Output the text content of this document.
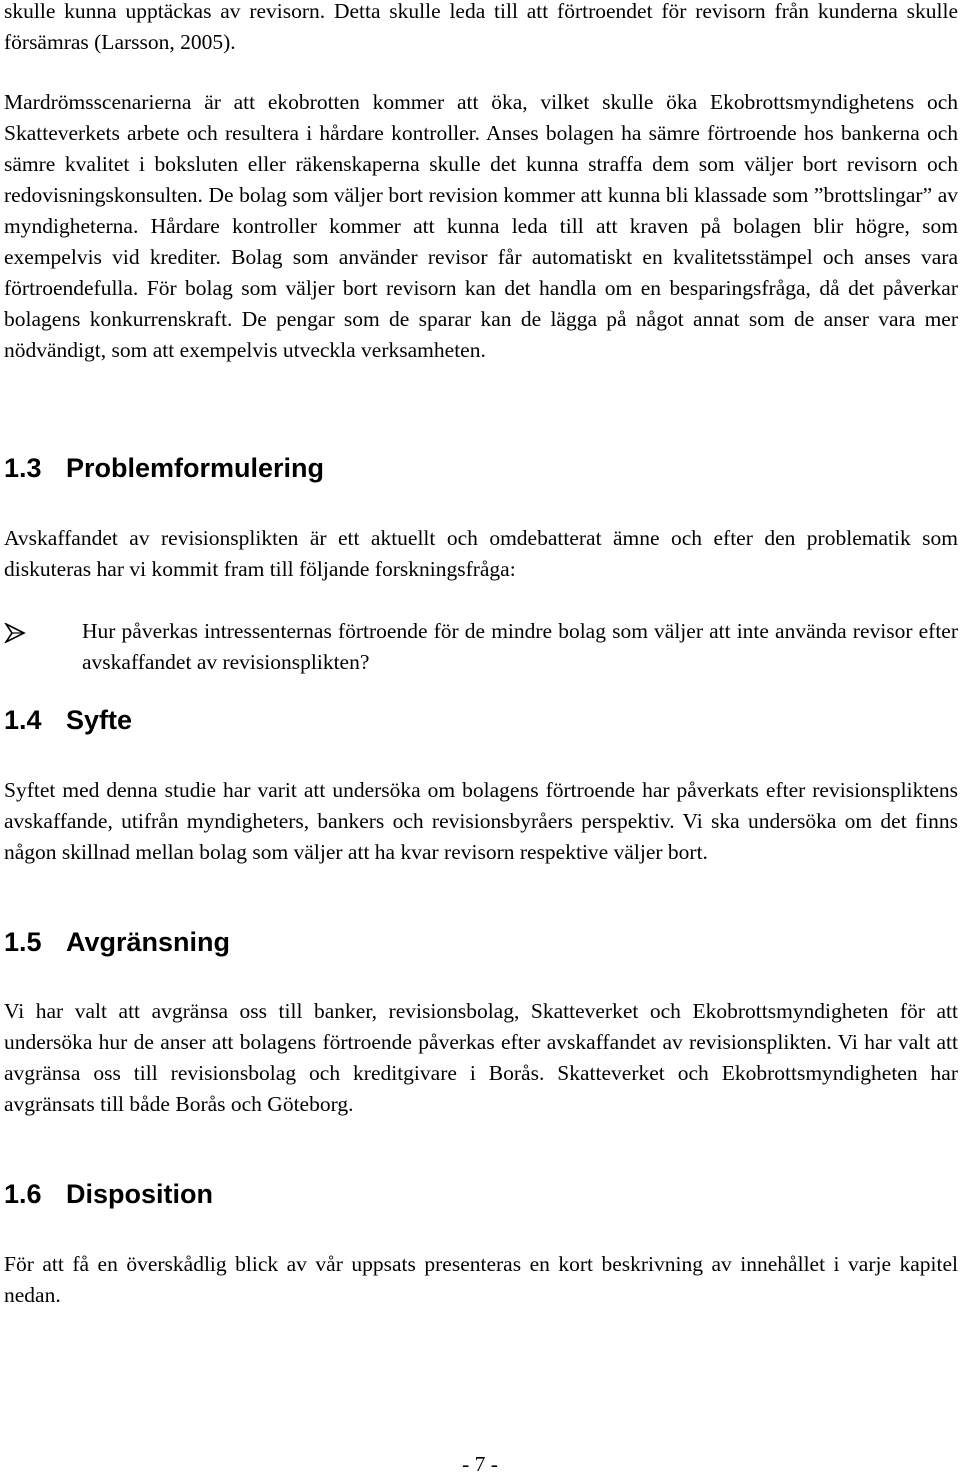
skulle kunna upptäckas av revisorn. Detta skulle leda till att förtroendet för revisorn från kunderna skulle försämras (Larsson, 2005).

Mardrömsscenarierna är att ekobrotten kommer att öka, vilket skulle öka Ekobrottsmyndighetens och Skatteverkets arbete och resultera i hårdare kontroller. Anses bolagen ha sämre förtroende hos bankerna och sämre kvalitet i boksluten eller räkenskaperna skulle det kunna straffa dem som väljer bort revisorn och redovisningskonsulten. De bolag som väljer bort revision kommer att kunna bli klassade som ”brottslingar” av myndigheterna. Hårdare kontroller kommer att kunna leda till att kraven på bolagen blir högre, som exempelvis vid krediter. Bolag som använder revisor får automatiskt en kvalitetsstämpel och anses vara förtroendefulla. För bolag som väljer bort revisorn kan det handla om en besparingsfråga, då det påverkar bolagens konkurrenskraft. De pengar som de sparar kan de lägga på något annat som de anser vara mer nödvändigt, som att exempelvis utveckla verksamheten.

1.3 Problemformulering

Avskaffandet av revisionsplikten är ett aktuellt och omdebatterat ämne och efter den problematik som diskuteras har vi kommit fram till följande forskningsfråga:

Hur påverkas intressenternas förtroende för de mindre bolag som väljer att inte använda revisor efter avskaffandet av revisionsplikten?

1.4 Syfte

Syftet med denna studie har varit att undersöka om bolagens förtroende har påverkats efter revisionspliktens avskaffande, utifrån myndigheters, bankers och revisionsbyråers perspektiv. Vi ska undersöka om det finns någon skillnad mellan bolag som väljer att ha kvar revisorn respektive väljer bort.

1.5 Avgränsning

Vi har valt att avgränsa oss till banker, revisionsbolag, Skatteverket och Ekobrottsmyndigheten för att undersöka hur de anser att bolagens förtroende påverkas efter avskaffandet av revisionsplikten. Vi har valt att avgränsa oss till revisionsbolag och kreditgivare i Borås. Skatteverket och Ekobrottsmyndigheten har avgränsats till både Borås och Göteborg.

1.6 Disposition

För att få en överskådlig blick av vår uppsats presenteras en kort beskrivning av innehållet i varje kapitel nedan.

- 7 -
